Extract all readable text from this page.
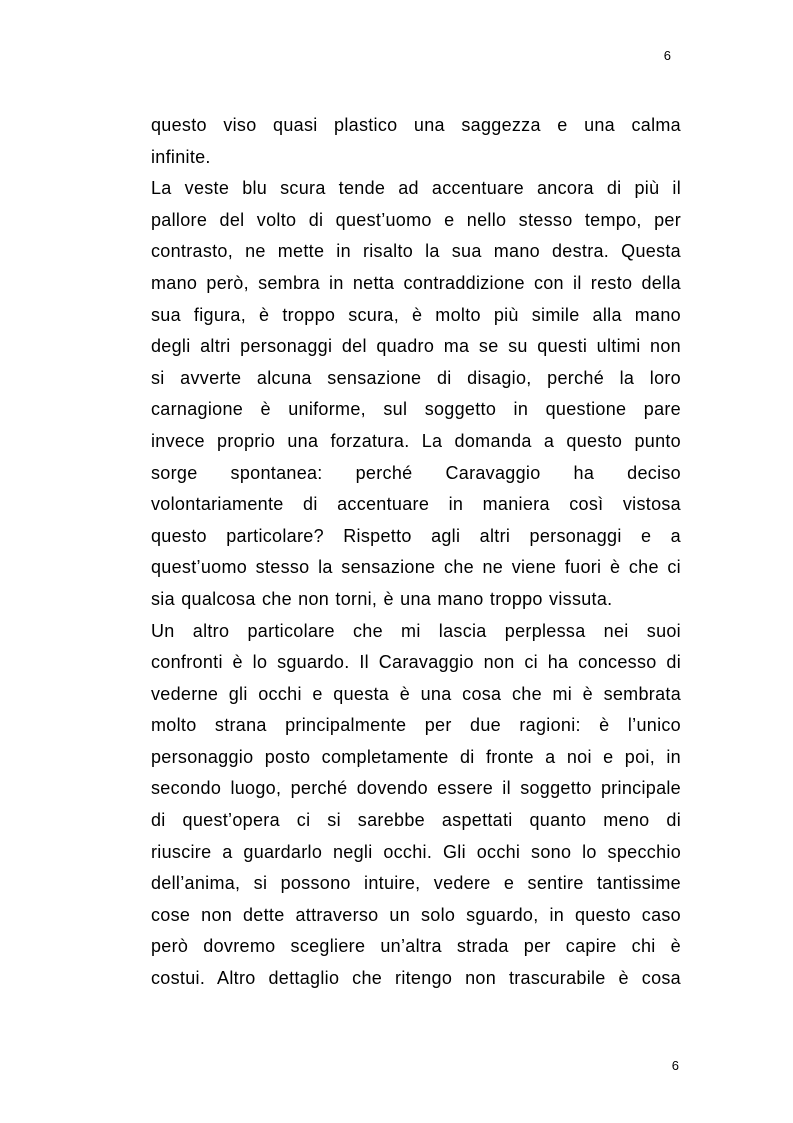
6
questo viso quasi plastico una saggezza e una calma
infinite.
La veste blu scura tende ad accentuare ancora di più il
pallore del volto di quest’uomo e nello stesso tempo, per
contrasto, ne mette in risalto la sua mano destra. Questa
mano però, sembra in netta contraddizione con il resto della
sua figura, è troppo scura, è molto più simile alla mano
degli altri personaggi del quadro ma se su questi ultimi non
si avverte alcuna sensazione di disagio, perché la loro
carnagione è uniforme, sul soggetto in questione pare
invece proprio una forzatura. La domanda a questo punto
sorge spontanea: perché Caravaggio ha deciso
volontariamente di accentuare in maniera così vistosa
questo particolare? Rispetto agli altri personaggi e a
quest’uomo stesso la sensazione che ne viene fuori è che ci
sia qualcosa che non torni, è una mano troppo vissuta.
Un altro particolare che mi lascia perplessa nei suoi
confronti è lo sguardo. Il Caravaggio non ci ha concesso di
vederne gli occhi e questa è una cosa che mi è sembrata
molto strana principalmente per due ragioni: è l’unico
personaggio posto completamente di fronte a noi e poi, in
secondo luogo, perché dovendo essere il soggetto principale
di quest’opera ci si sarebbe aspettati quanto meno di
riuscire a guardarlo negli occhi. Gli occhi sono lo specchio
dell’anima, si possono intuire, vedere e sentire tantissime
cose non dette attraverso un solo sguardo, in questo caso
però dovremo scegliere un’altra strada per capire chi è
costui. Altro dettaglio che ritengo non trascurabile è cosa
6
